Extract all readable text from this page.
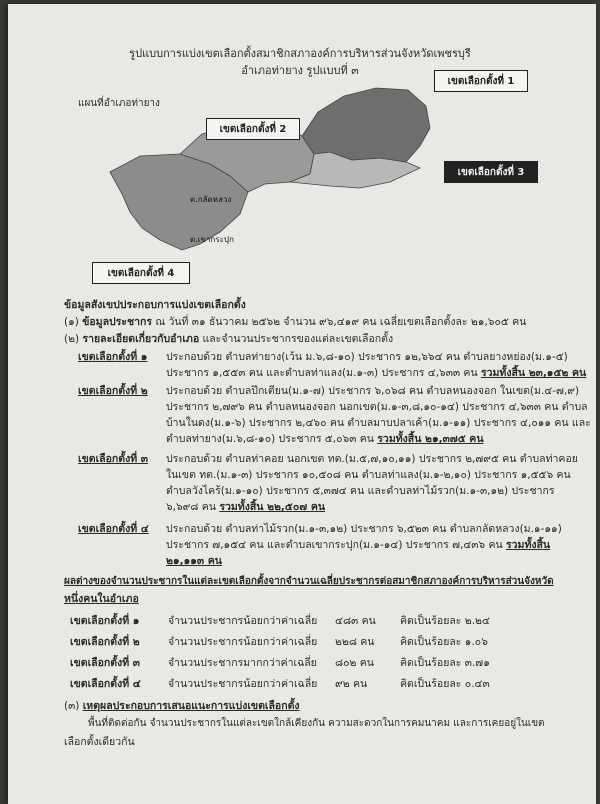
รูปแบบการแบ่งเขตเลือกตั้งสมาชิกสภาองค์การบริหารส่วนจังหวัดเพชรบุรี
อำเภอท่ายาง รูปแบบที่ ๓
แผนที่อำเภอท่ายาง
ต.กลัดหลวง
ต.เขากระปุก
เขตเลือกตั้งที่ 1
เขตเลือกตั้งที่ 2
เขตเลือกตั้งที่ 3
เขตเลือกตั้งที่ 4
ข้อมูลสังเขปประกอบการแบ่งเขตเลือกตั้ง
(๑) ข้อมูลประชากร ณ วันที่ ๓๑ ธันวาคม ๒๕๖๒ จำนวน ๙๖,๔๑๙ คน เฉลี่ยเขตเลือกตั้งละ ๒๑,๖๐๕ คน
(๒) รายละเอียดเกี่ยวกับอำเภอ และจำนวนประชากรของแต่ละเขตเลือกตั้ง
เขตเลือกตั้งที่ ๑ ประกอบด้วย ตำบลท่ายาง(เว้น ม.๖,๘-๑๐) ประชากร ๑๒,๖๖๔ คน ตำบลยางหย่อง(ม.๑-๕)
ประชากร ๑,๕๕๓ คน และตำบลท่าแลง(ม.๑-๓) ประชากร ๔,๖๓๓ คน รวมทั้งสิ้น ๒๓,๑๕๒ คน
เขตเลือกตั้งที่ ๒ ประกอบด้วย ตำบลปึกเตียน(ม.๑-๗) ประชากร ๖,๐๖๘ คน ตำบลหนองจอก ในเขต(ม.๔-๗,๙)
ประชากร ๒,๗๙๖ คน ตำบลหนองจอก นอกเขต(ม.๑-๓,๘,๑๐-๑๔) ประชากร ๔,๖๓๓ คน ตำบล
บ้านในดง(ม.๑-๖) ประชากร ๒,๔๖๐ คน ตำบลมาบปลาเค้า(ม.๑-๑๑) ประชากร ๔,๐๑๑ คน และ
ตำบลท่ายาง(ม.๖,๘-๑๐) ประชากร ๕,๐๖๓ คน รวมทั้งสิ้น ๒๑,๓๗๕ คน
เขตเลือกตั้งที่ ๓ ประกอบด้วย ตำบลท่าคอย นอกเขต ทต.(ม.๕,๗,๑๐,๑๑) ประชากร ๒,๗๙๕ คน ตำบลท่าคอย
ในเขต ทต.(ม.๑-๓) ประชากร ๑๐,๕๐๘ คน ตำบลท่าแลง(ม.๑-๒,๑๐) ประชากร ๑,๕๕๖ คน
ตำบลวังไคร้(ม.๑-๑๐) ประชากร ๕,๓๗๔ คน และตำบลท่าไม้รวก(ม.๑-๓,๑๒) ประชากร
๖,๖๙๘ คน รวมทั้งสิ้น ๒๒,๕๐๗ คน
เขตเลือกตั้งที่ ๔ ประกอบด้วย ตำบลท่าไม้รวก(ม.๑-๓,๑๒) ประชากร ๖,๕๒๓ คน ตำบลกลัดหลวง(ม.๑-๑๑)
ประชากร ๗,๑๕๔ คน และตำบลเขากระปุก(ม.๑-๑๔) ประชากร ๗,๔๓๖ คน รวมทั้งสิ้น
๒๑,๑๑๓ คน
ผลต่างของจำนวนประชากรในแต่ละเขตเลือกตั้งจากจำนวนเฉลี่ยประชากรต่อสมาชิกสภาองค์การบริหารส่วนจังหวัด
หนึ่งคนในอำเภอ
เขตเลือกตั้งที่ ๑	จำนวนประชากรน้อยกว่าค่าเฉลี่ย ๔๘๓ คน คิดเป็นร้อยละ ๒.๒๔
เขตเลือกตั้งที่ ๒	จำนวนประชากรน้อยกว่าค่าเฉลี่ย ๒๒๘ คน คิดเป็นร้อยละ ๑.๐๖
เขตเลือกตั้งที่ ๓	จำนวนประชากรมากกว่าค่าเฉลี่ย ๘๐๒ คน คิดเป็นร้อยละ ๓.๗๑
เขตเลือกตั้งที่ ๔	จำนวนประชากรน้อยกว่าค่าเฉลี่ย ๙๒ คน	คิดเป็นร้อยละ ๐.๔๓
(๓) เหตุผลประกอบการเสนอแนะการแบ่งเขตเลือกตั้ง
พื้นที่ติดต่อกัน จำนวนประชากรในแต่ละเขตใกล้เคียงกัน ความสะดวกในการคมนาคม และการเคยอยู่ในเขต
เลือกตั้งเดียวกัน
